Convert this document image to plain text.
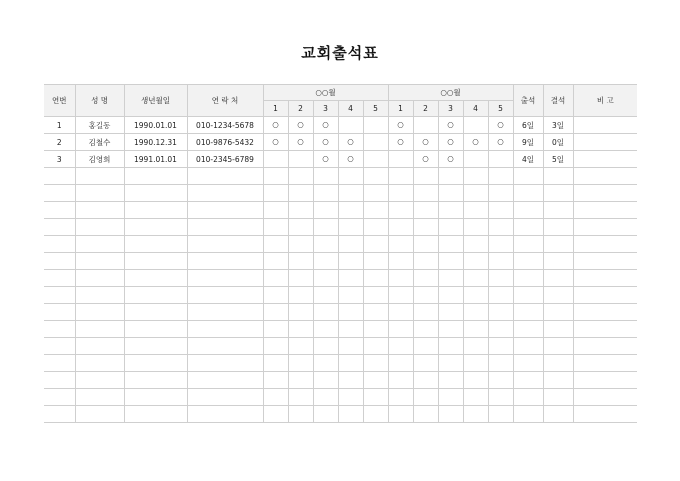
교회출석표
연번	성 명	생년월일	연 락 처	○○월					○○월					출석	결석	비 고
				1	2	3	4	5	1	2	3	4	5			
1	홍길동	1990.01.01	010-1234-5678	○	○	○			○		○		○	6일	3일	
2	김철수	1990.12.31	010-9876-5432	○	○	○	○		○	○	○	○	○	9일	0일	
3	김영희	1991.01.01	010-2345-6789			○	○			○	○			4일	5일	
